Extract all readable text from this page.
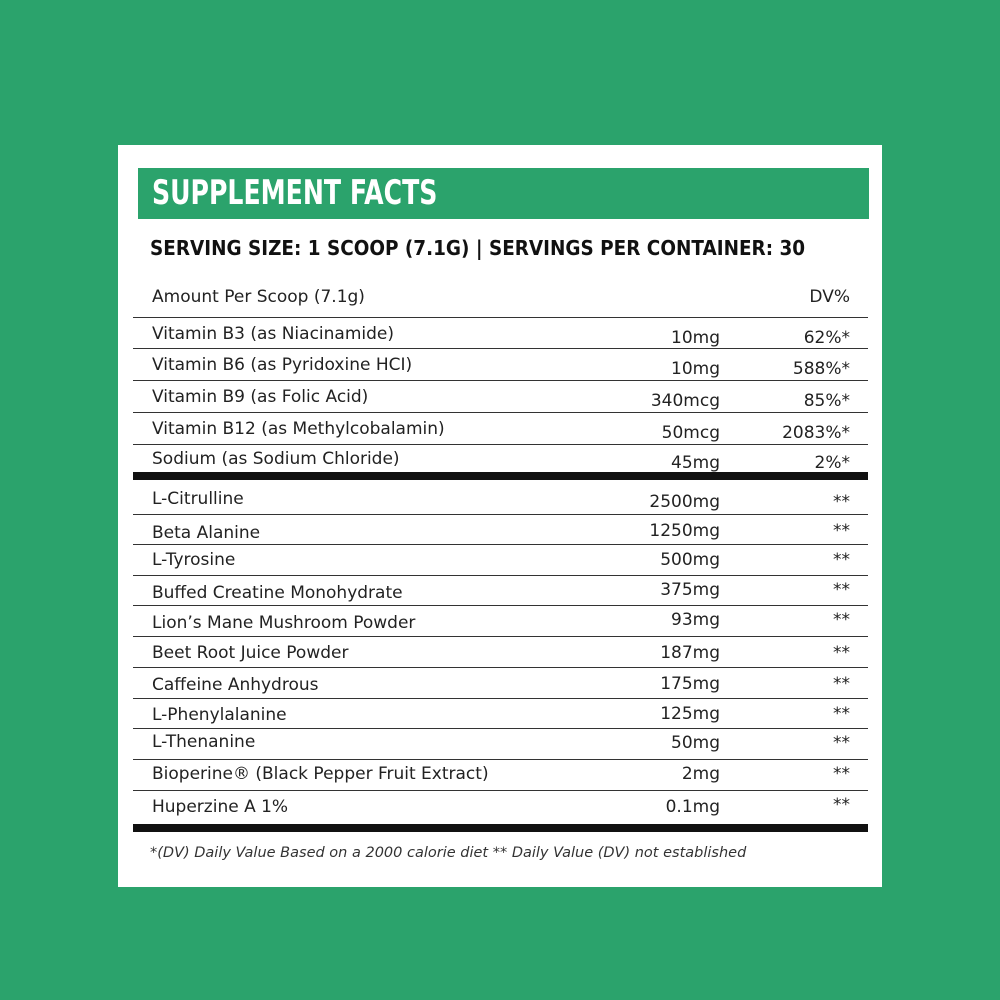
SUPPLEMENT FACTS
SERVING SIZE: 1 SCOOP (7.1G) | SERVINGS PER CONTAINER: 30
Amount Per Scoop (7.1g)	DV%
Vitamin B3 (as Niacinamide)	10mg	62%*
Vitamin B6 (as Pyridoxine HCI)	10mg	588%*
Vitamin B9 (as Folic Acid)	340mcg	85%*
Vitamin B12 (as Methylcobalamin)	50mcg	2083%*
Sodium (as Sodium Chloride)	45mg	2%*
L-Citrulline	2500mg	**
Beta Alanine	1250mg	**
L-Tyrosine	500mg	**
Buffed Creatine Monohydrate	375mg	**
Lion’s Mane Mushroom Powder	93mg	**
Beet Root Juice Powder	187mg	**
Caffeine Anhydrous	175mg	**
L-Phenylalanine	125mg	**
L-Thenanine	50mg	**
Bioperine® (Black Pepper Fruit Extract)	2mg	**
Huperzine A 1%	0.1mg	**
*(DV) Daily Value Based on a 2000 calorie diet ** Daily Value (DV) not established
